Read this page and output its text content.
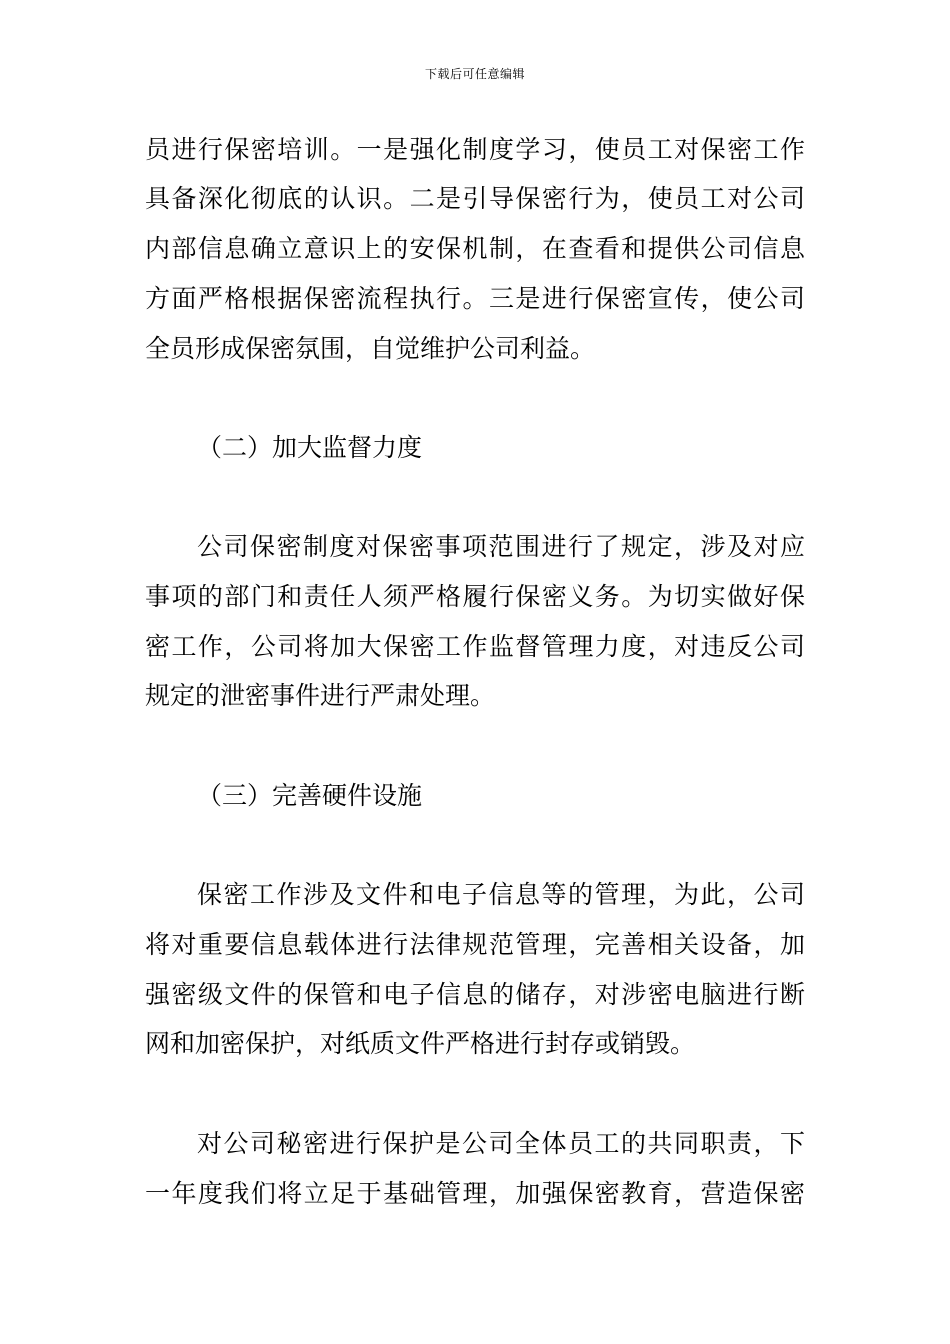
下载后可任意编辑
员进行保密培训。一是强化制度学习，使员工对保密工作
具备深化彻底的认识。二是引导保密行为，使员工对公司
内部信息确立意识上的安保机制，在查看和提供公司信息
方面严格根据保密流程执行。三是进行保密宣传，使公司
全员形成保密氛围，自觉维护公司利益。
（二）加大监督力度
公司保密制度对保密事项范围进行了规定，涉及对应
事项的部门和责任人须严格履行保密义务。为切实做好保
密工作，公司将加大保密工作监督管理力度，对违反公司
规定的泄密事件进行严肃处理。
（三）完善硬件设施
保密工作涉及文件和电子信息等的管理，为此，公司
将对重要信息载体进行法律规范管理，完善相关设备，加
强密级文件的保管和电子信息的储存，对涉密电脑进行断
网和加密保护，对纸质文件严格进行封存或销毁。
对公司秘密进行保护是公司全体员工的共同职责，下
一年度我们将立足于基础管理，加强保密教育，营造保密
